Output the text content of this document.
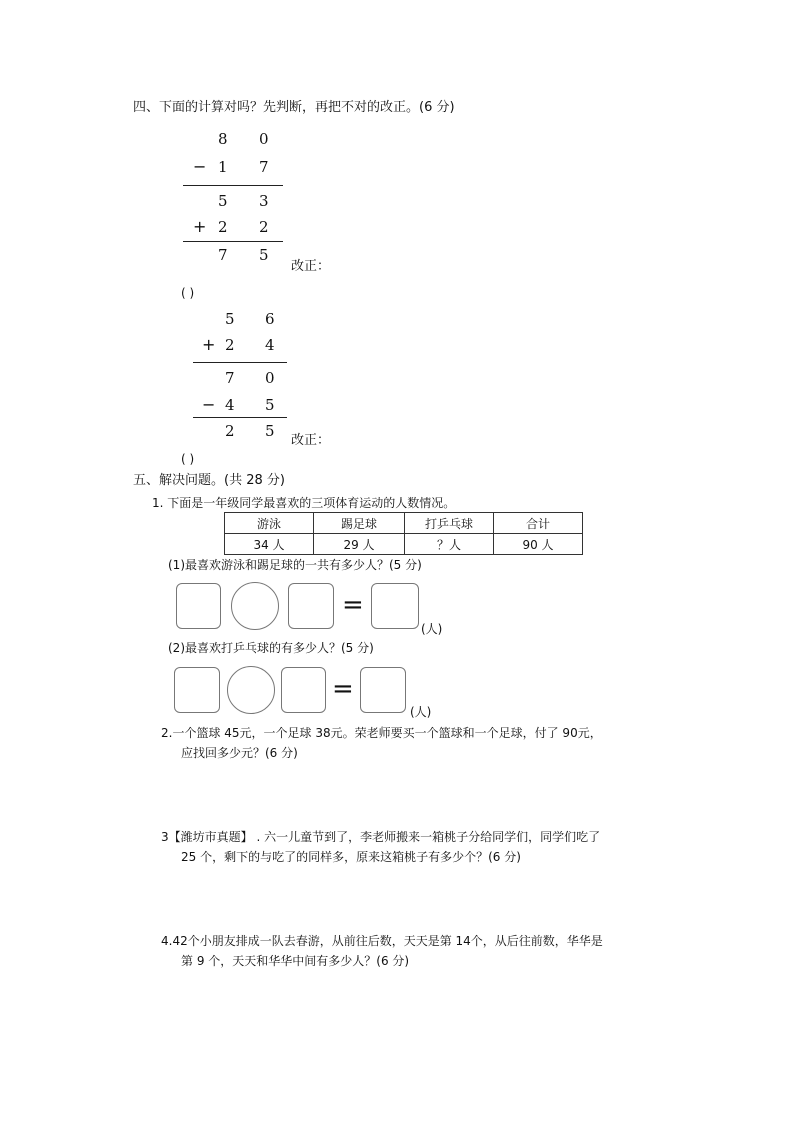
四、下面的计算对吗？先判断，再把不对的改正。(6 分)
8 0
− 1 7
5 3
+ 2 2
7 5
改正：
( )
5 6
+ 2 4
7 0
− 4 5
2 5
改正：
( )
五、解决问题。(共 28 分)
1. 下面是一年级同学最喜欢的三项体育运动的人数情况。
游泳	踢足球	打乒乓球	合计
34 人	29 人	？人	90 人
(1)最喜欢游泳和踢足球的一共有多少人？(5 分)
=
(人)
(2)最喜欢打乒乓球的有多少人？(5 分)
=
(人)
2.一个篮球 45元，一个足球 38元。荣老师要买一个篮球和一个足球，付了 90元，
应找回多少元？(6 分)
3【潍坊市真题】 . 六一儿童节到了，李老师搬来一箱桃子分给同学们，同学们吃了
25 个，剩下的与吃了的同样多，原来这箱桃子有多少个？(6 分)
4.42个小朋友排成一队去春游，从前往后数，天天是第 14个，从后往前数，华华是
第 9 个，天天和华华中间有多少人？(6 分)
